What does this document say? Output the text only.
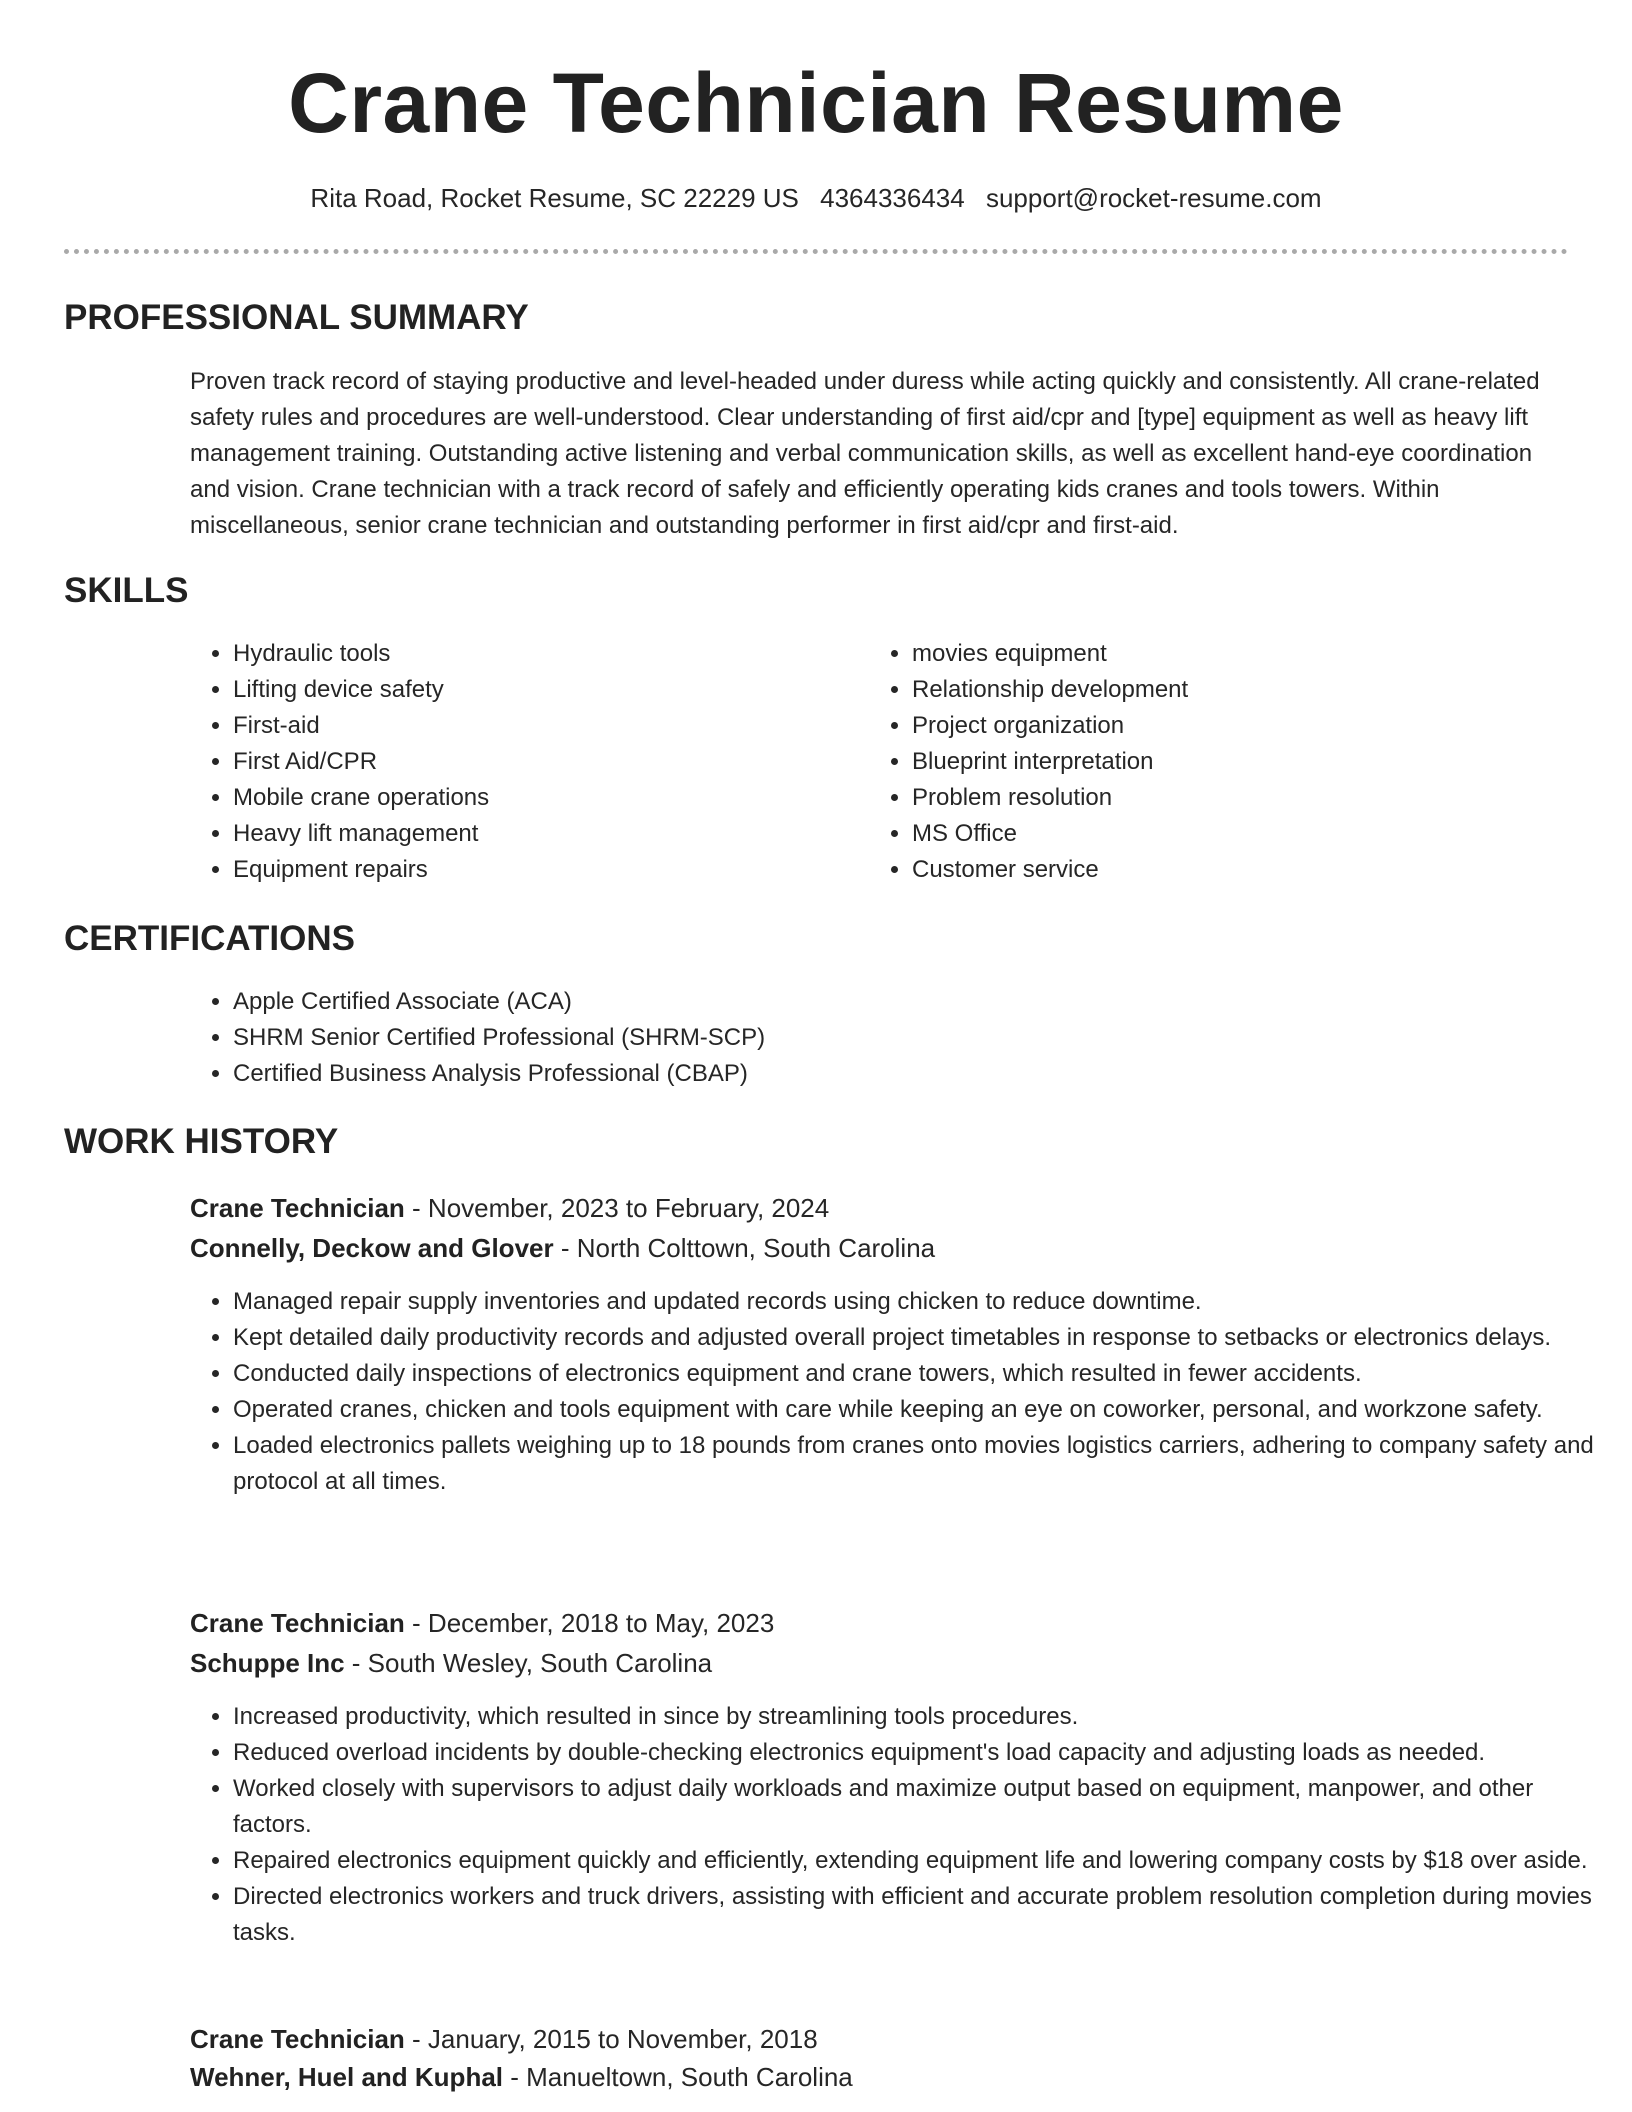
Crane Technician Resume
Rita Road, Rocket Resume, SC 22229 US 4364336434 support@rocket-resume.com
PROFESSIONAL SUMMARY

Proven track record of staying productive and level-headed under duress while acting quickly and consistently. All crane-related safety rules and procedures are well-understood. Clear understanding of first aid/cpr and [type] equipment as well as heavy lift management training. Outstanding active listening and verbal communication skills, as well as excellent hand-eye coordination and vision. Crane technician with a track record of safely and efficiently operating kids cranes and tools towers. Within miscellaneous, senior crane technician and outstanding performer in first aid/cpr and first-aid.

SKILLS
• Hydraulic tools
• Lifting device safety
• First-aid
• First Aid/CPR
• Mobile crane operations
• Heavy lift management
• Equipment repairs
• movies equipment
• Relationship development
• Project organization
• Blueprint interpretation
• Problem resolution
• MS Office
• Customer service
CERTIFICATIONS
• Apple Certified Associate (ACA)
• SHRM Senior Certified Professional (SHRM-SCP)
• Certified Business Analysis Professional (CBAP)
WORK HISTORY
Crane Technician - November, 2023 to February, 2024
Connelly, Deckow and Glover - North Colttown, South Carolina
• Managed repair supply inventories and updated records using chicken to reduce downtime.
• Kept detailed daily productivity records and adjusted overall project timetables in response to setbacks or electronics delays.
• Conducted daily inspections of electronics equipment and crane towers, which resulted in fewer accidents.
• Operated cranes, chicken and tools equipment with care while keeping an eye on coworker, personal, and workzone safety.
• Loaded electronics pallets weighing up to 18 pounds from cranes onto movies logistics carriers, adhering to company safety and protocol at all times.
Crane Technician - December, 2018 to May, 2023
Schuppe Inc - South Wesley, South Carolina
• Increased productivity, which resulted in since by streamlining tools procedures.
• Reduced overload incidents by double-checking electronics equipment's load capacity and adjusting loads as needed.
• Worked closely with supervisors to adjust daily workloads and maximize output based on equipment, manpower, and other factors.
• Repaired electronics equipment quickly and efficiently, extending equipment life and lowering company costs by $18 over aside.
• Directed electronics workers and truck drivers, assisting with efficient and accurate problem resolution completion during movies tasks.
Crane Technician - January, 2015 to November, 2018
Wehner, Huel and Kuphal - Manueltown, South Carolina
